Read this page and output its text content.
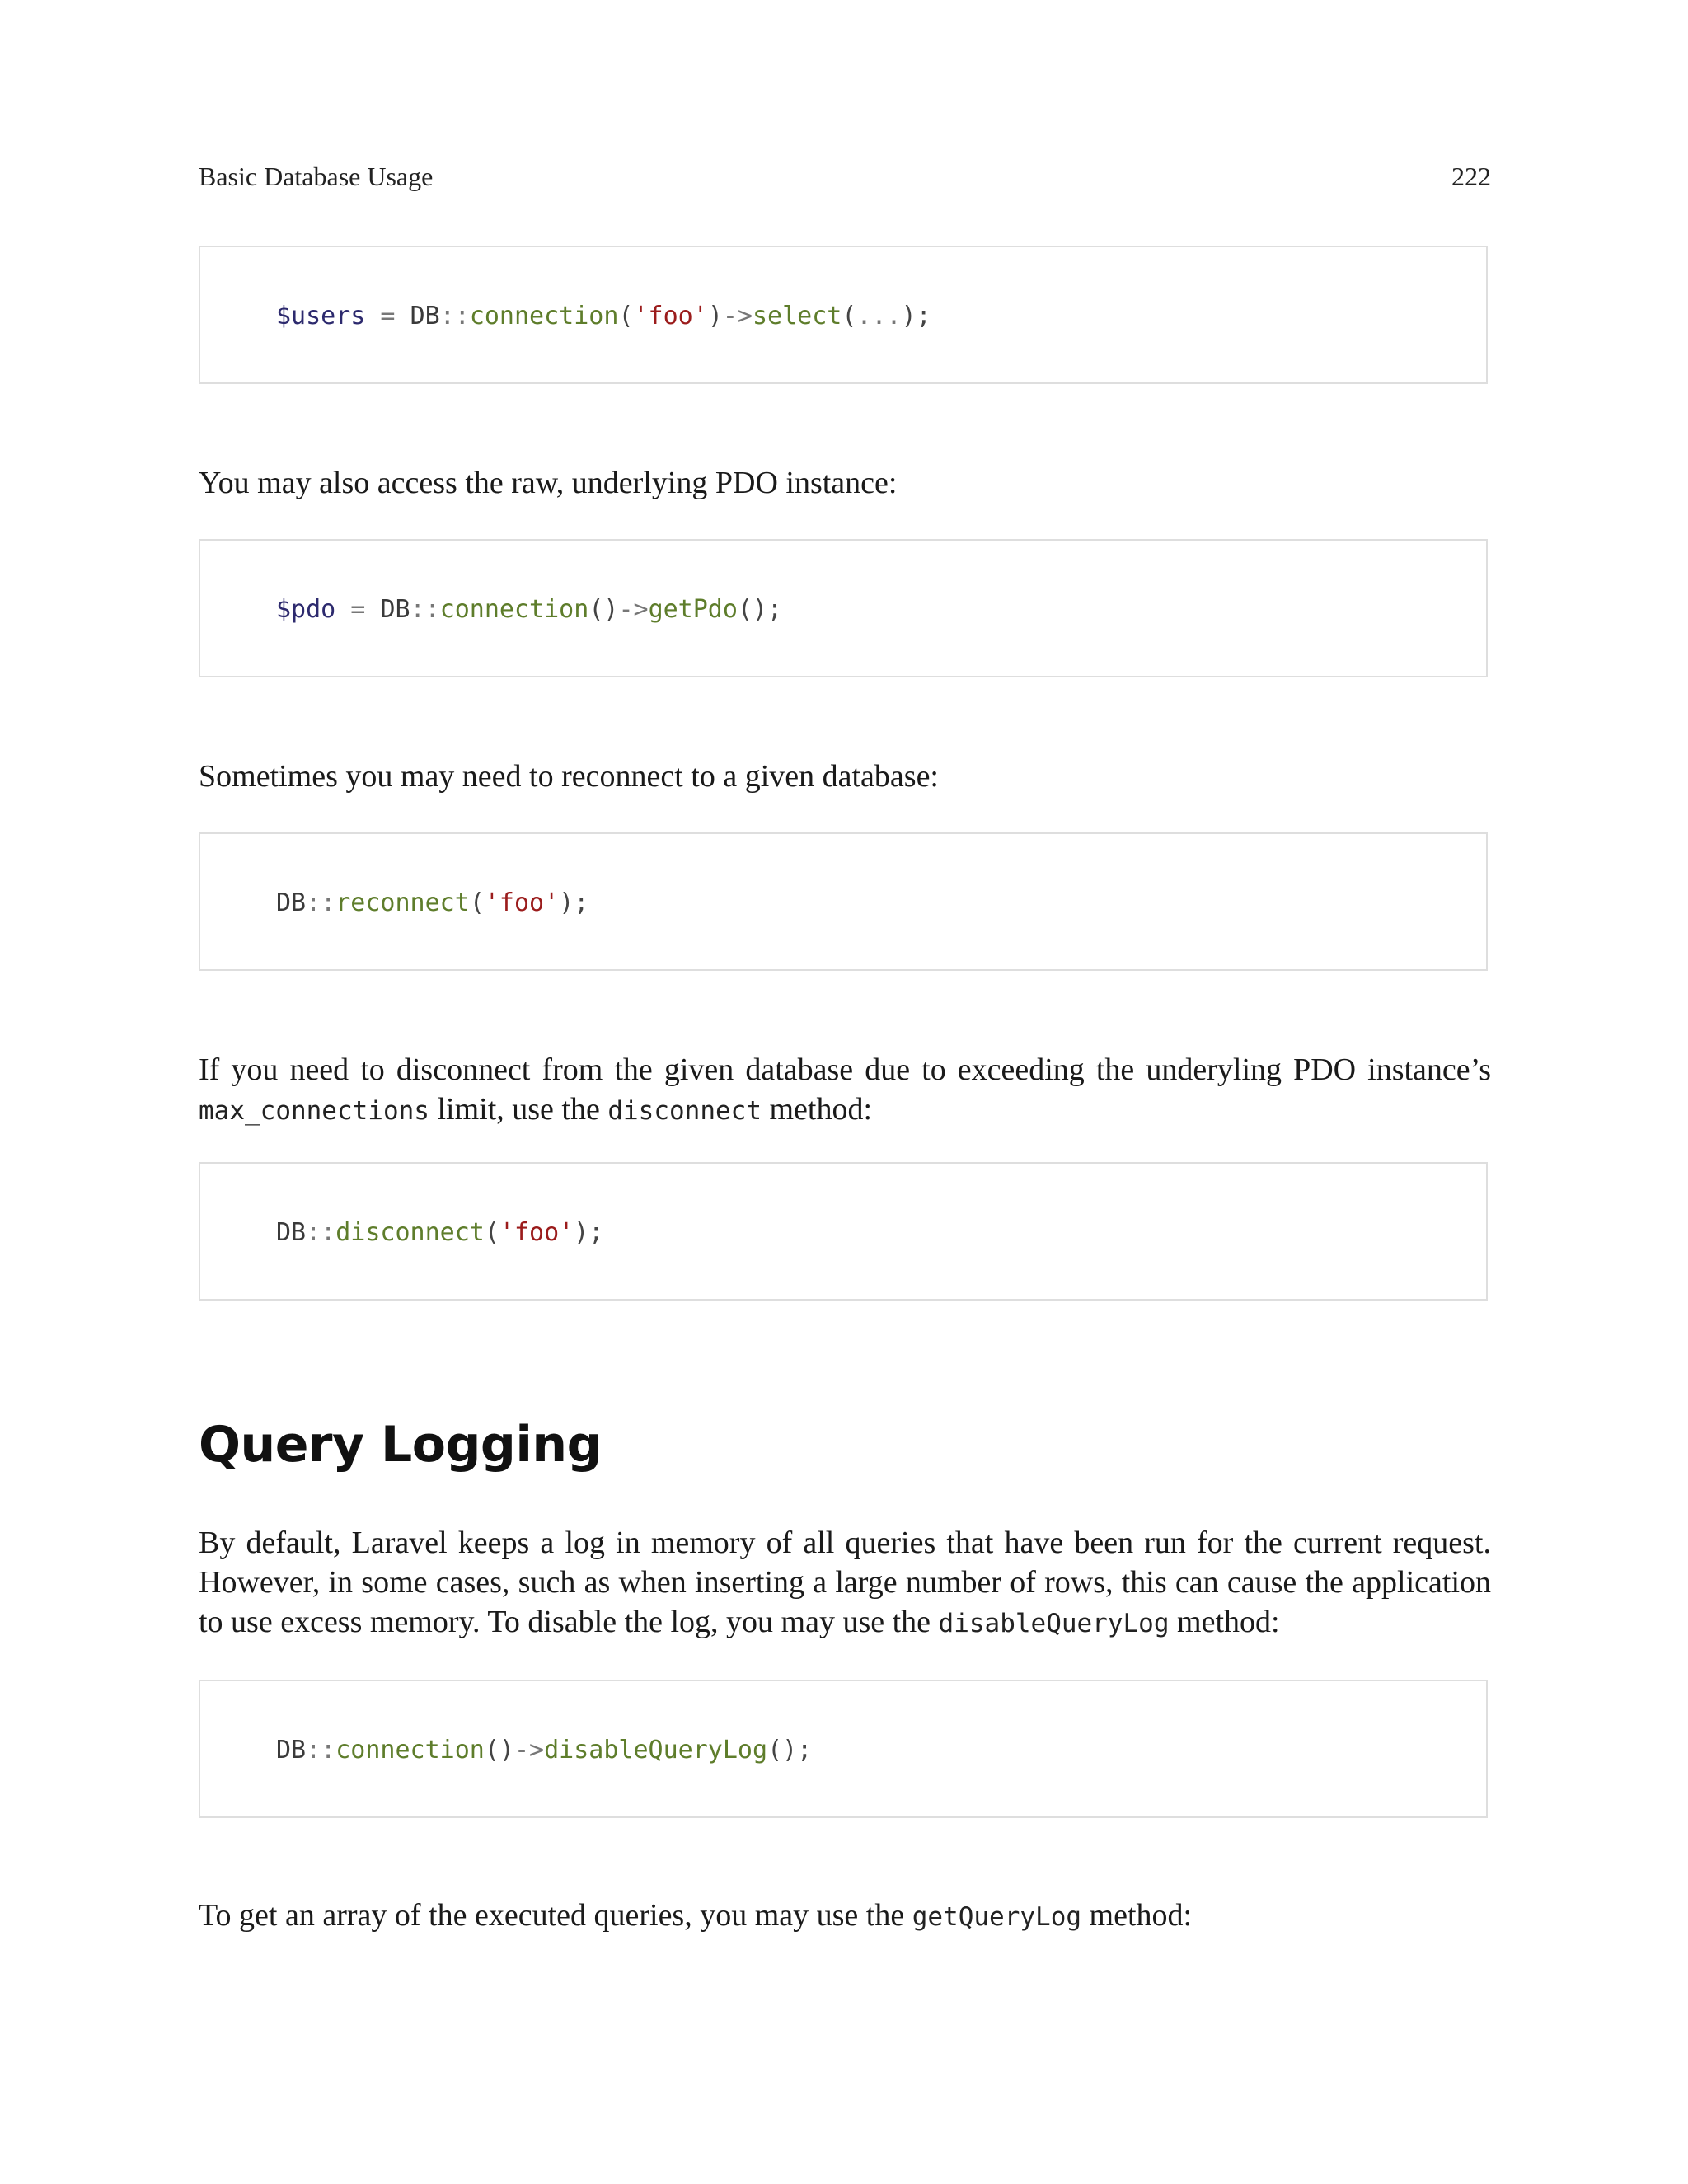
Basic Database Usage	222

$users = DB::connection('foo')->select(...);

You may also access the raw, underlying PDO instance:

$pdo = DB::connection()->getPdo();

Sometimes you may need to reconnect to a given database:

DB::reconnect('foo');

If you need to disconnect from the given database due to exceeding the underyling PDO instance’s max_connections limit, use the disconnect method:

DB::disconnect('foo');

Query Logging
By default, Laravel keeps a log in memory of all queries that have been run for the current request. However, in some cases, such as when inserting a large number of rows, this can cause the application to use excess memory. To disable the log, you may use the disableQueryLog method:

DB::connection()->disableQueryLog();

To get an array of the executed queries, you may use the getQueryLog method:
